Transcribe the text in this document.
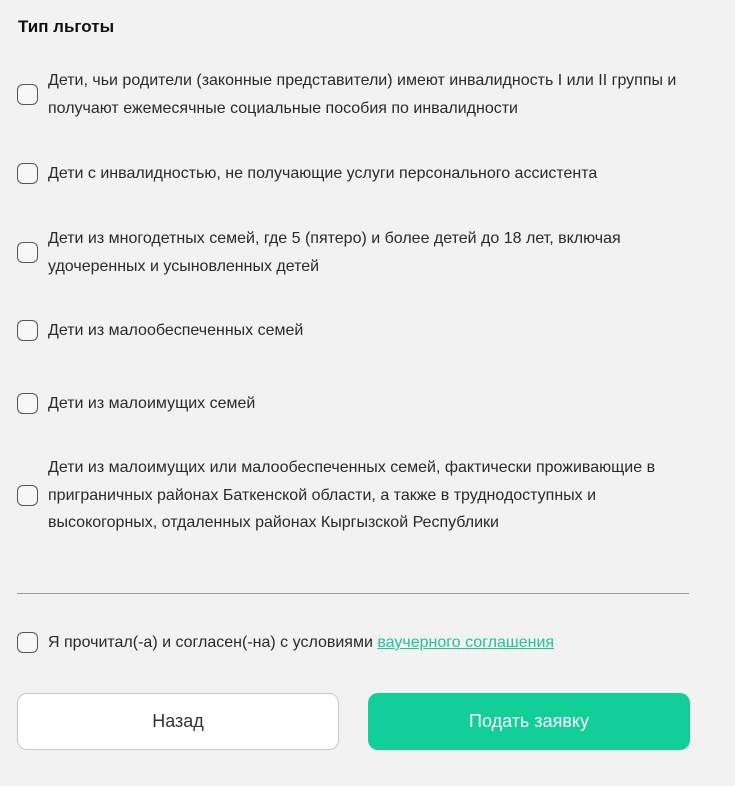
Тип льготы
Дети, чьи родители (законные представители) имеют инвалидность I или II группы и получают ежемесячные социальные пособия по инвалидности
Дети с инвалидностью, не получающие услуги персонального ассистента
Дети из многодетных семей, где 5 (пятеро) и более детей до 18 лет, включая удочеренных и усыновленных детей
Дети из малообеспеченных семей
Дети из малоимущих семей
Дети из малоимущих или малообеспеченных семей, фактически проживающие в приграничных районах Баткенской области, а также в труднодоступных и высокогорных, отдаленных районах Кыргызской Республики
Я прочитал(-а) и согласен(-на) с условиями ваучерного соглашения
Назад	Подать заявку
